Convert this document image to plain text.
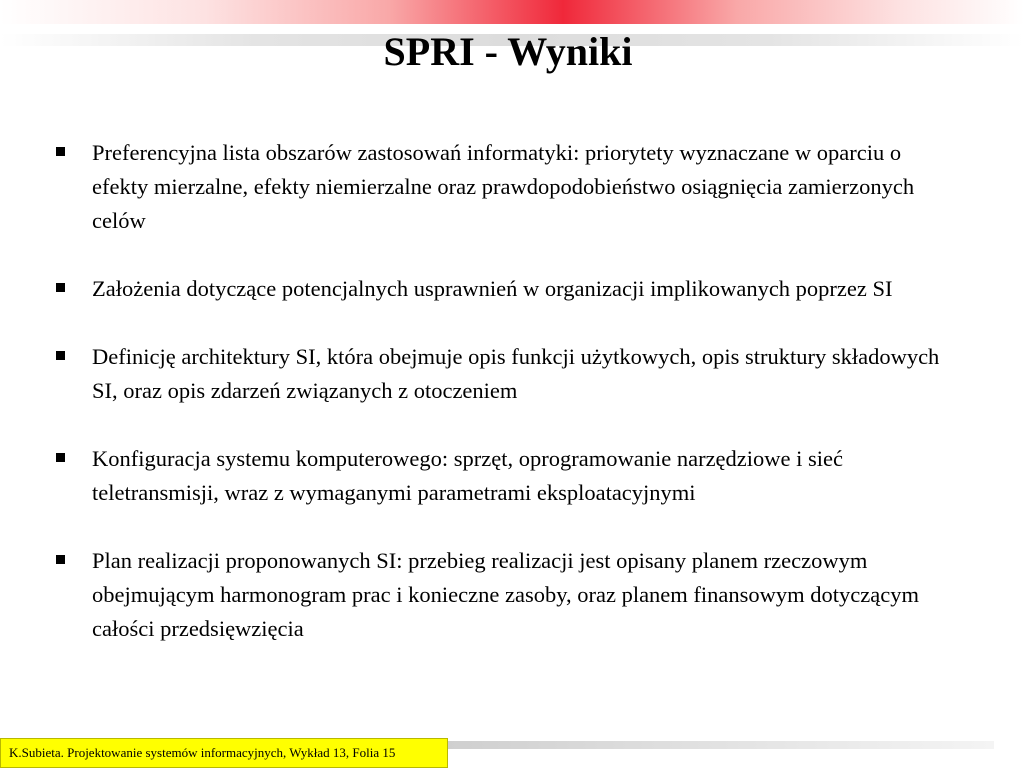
SPRI - Wyniki
Preferencyjna lista obszarów zastosowań informatyki: priorytety wyznaczane w oparciu o efekty mierzalne, efekty niemierzalne oraz prawdopodobieństwo osiągnięcia zamierzonych celów
Założenia dotyczące potencjalnych usprawnień w organizacji implikowanych poprzez SI
Definicję architektury SI, która obejmuje opis funkcji użytkowych, opis struktury składowych SI, oraz opis zdarzeń związanych z otoczeniem
Konfiguracja systemu komputerowego: sprzęt, oprogramowanie narzędziowe i sieć teletransmisji, wraz z wymaganymi parametrami eksploatacyjnymi
Plan realizacji proponowanych SI: przebieg realizacji jest opisany planem rzeczowym obejmującym harmonogram prac i konieczne zasoby, oraz planem finansowym dotyczącym całości przedsięwzięcia
K.Subieta. Projektowanie systemów informacyjnych, Wykład 13, Folia 15
